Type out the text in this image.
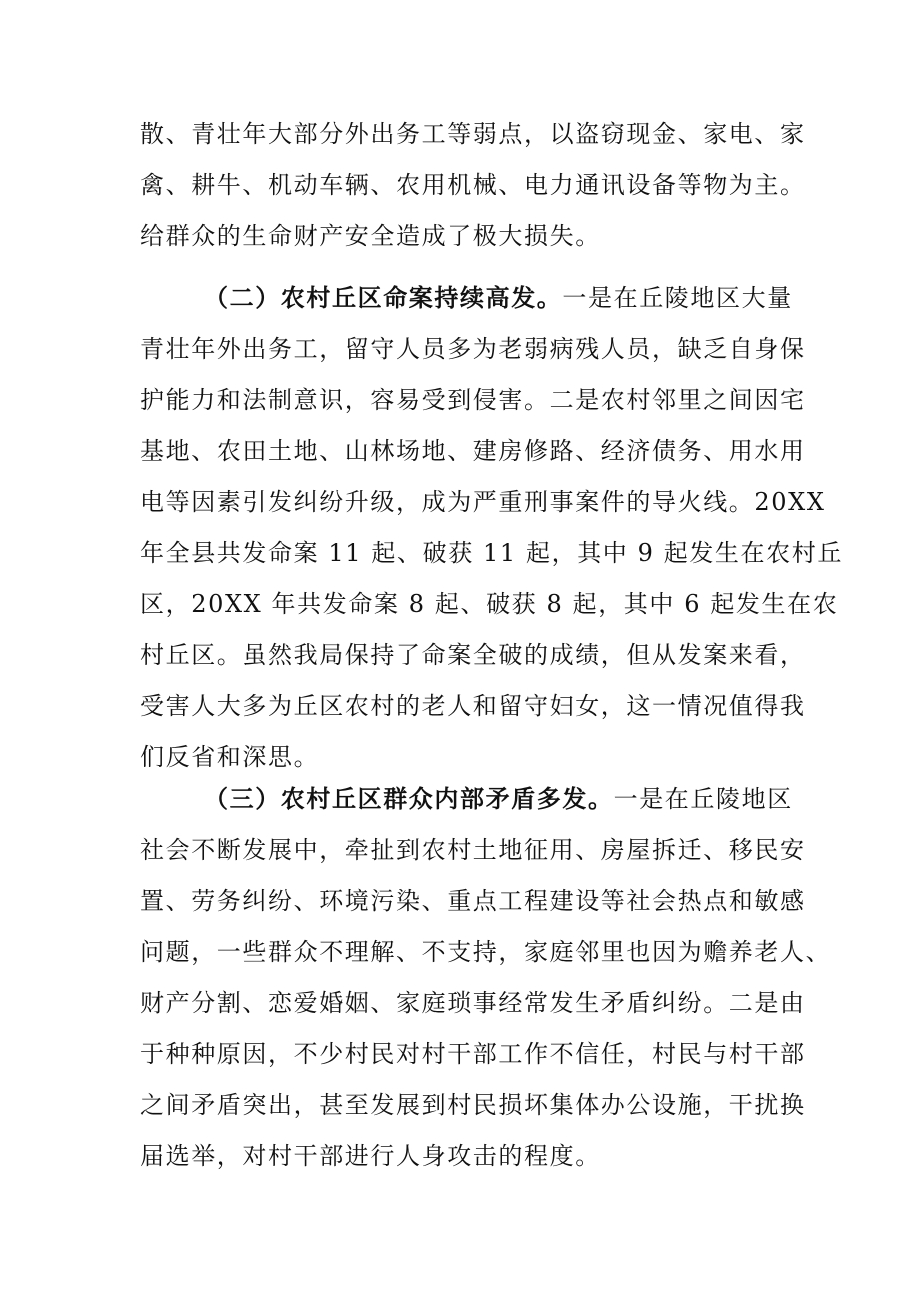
散、青壮年大部分外出务工等弱点，以盗窃现金、家电、家
禽、耕牛、机动车辆、农用机械、电力通讯设备等物为主。
给群众的生命财产安全造成了极大损失。
（二）农村丘区命案持续高发。一是在丘陵地区大量
青壮年外出务工，留守人员多为老弱病残人员，缺乏自身保
护能力和法制意识，容易受到侵害。二是农村邻里之间因宅
基地、农田土地、山林场地、建房修路、经济债务、用水用
电等因素引发纠纷升级，成为严重刑事案件的导火线。20XX
年全县共发命案 11 起、破获 11 起，其中 9 起发生在农村丘
区，20XX 年共发命案 8 起、破获 8 起，其中 6 起发生在农
村丘区。虽然我局保持了命案全破的成绩，但从发案来看，
受害人大多为丘区农村的老人和留守妇女，这一情况值得我
们反省和深思。
（三）农村丘区群众内部矛盾多发。一是在丘陵地区
社会不断发展中，牵扯到农村土地征用、房屋拆迁、移民安
置、劳务纠纷、环境污染、重点工程建设等社会热点和敏感
问题，一些群众不理解、不支持，家庭邻里也因为赡养老人、
财产分割、恋爱婚姻、家庭琐事经常发生矛盾纠纷。二是由
于种种原因，不少村民对村干部工作不信任，村民与村干部
之间矛盾突出，甚至发展到村民损坏集体办公设施，干扰换
届选举，对村干部进行人身攻击的程度。
